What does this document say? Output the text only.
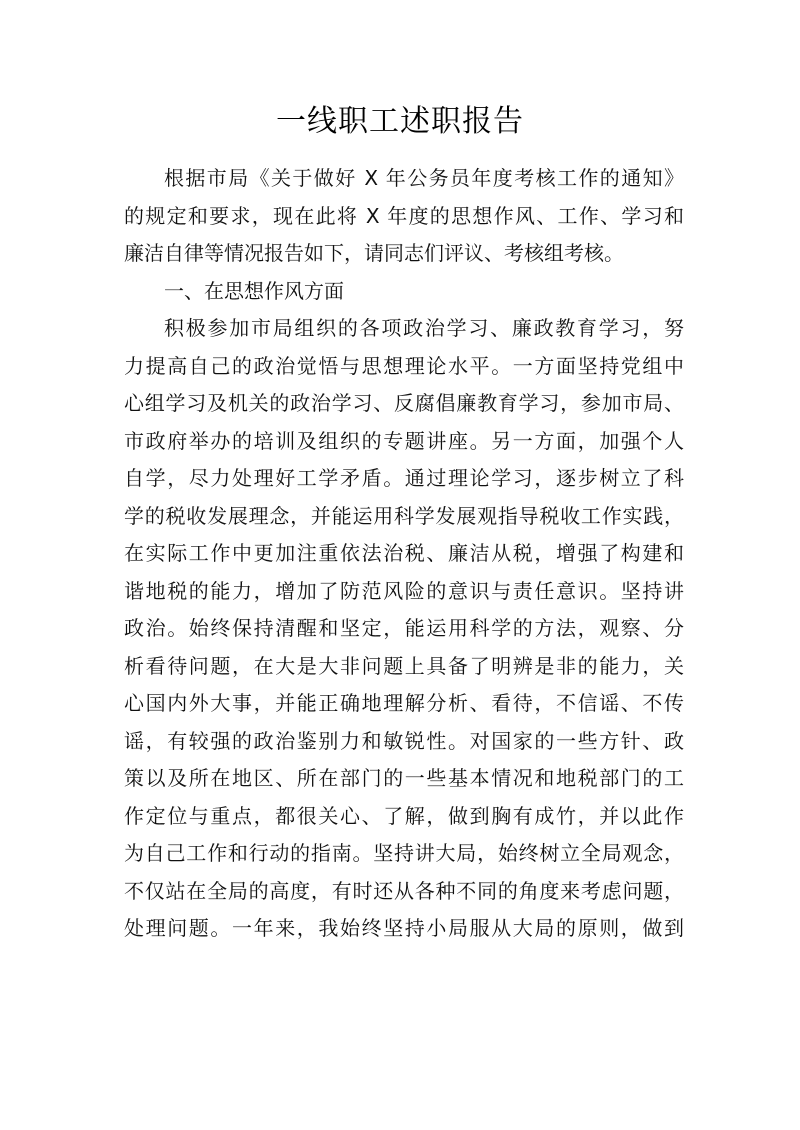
一线职工述职报告
根据市局《关于做好 X 年公务员年度考核工作的通知》
的规定和要求，现在此将 X 年度的思想作风、工作、学习和
廉洁自律等情况报告如下，请同志们评议、考核组考核。
一、在思想作风方面
积极参加市局组织的各项政治学习、廉政教育学习，努
力提高自己的政治觉悟与思想理论水平。一方面坚持党组中
心组学习及机关的政治学习、反腐倡廉教育学习，参加市局、
市政府举办的培训及组织的专题讲座。另一方面，加强个人
自学，尽力处理好工学矛盾。通过理论学习，逐步树立了科
学的税收发展理念，并能运用科学发展观指导税收工作实践，
在实际工作中更加注重依法治税、廉洁从税，增强了构建和
谐地税的能力，增加了防范风险的意识与责任意识。坚持讲
政治。始终保持清醒和坚定，能运用科学的方法，观察、分
析看待问题，在大是大非问题上具备了明辨是非的能力，关
心国内外大事，并能正确地理解分析、看待，不信谣、不传
谣，有较强的政治鉴别力和敏锐性。对国家的一些方针、政
策以及所在地区、所在部门的一些基本情况和地税部门的工
作定位与重点，都很关心、了解，做到胸有成竹，并以此作
为自己工作和行动的指南。坚持讲大局，始终树立全局观念，
不仅站在全局的高度，有时还从各种不同的角度来考虑问题，
处理问题。一年来，我始终坚持小局服从大局的原则，做到
